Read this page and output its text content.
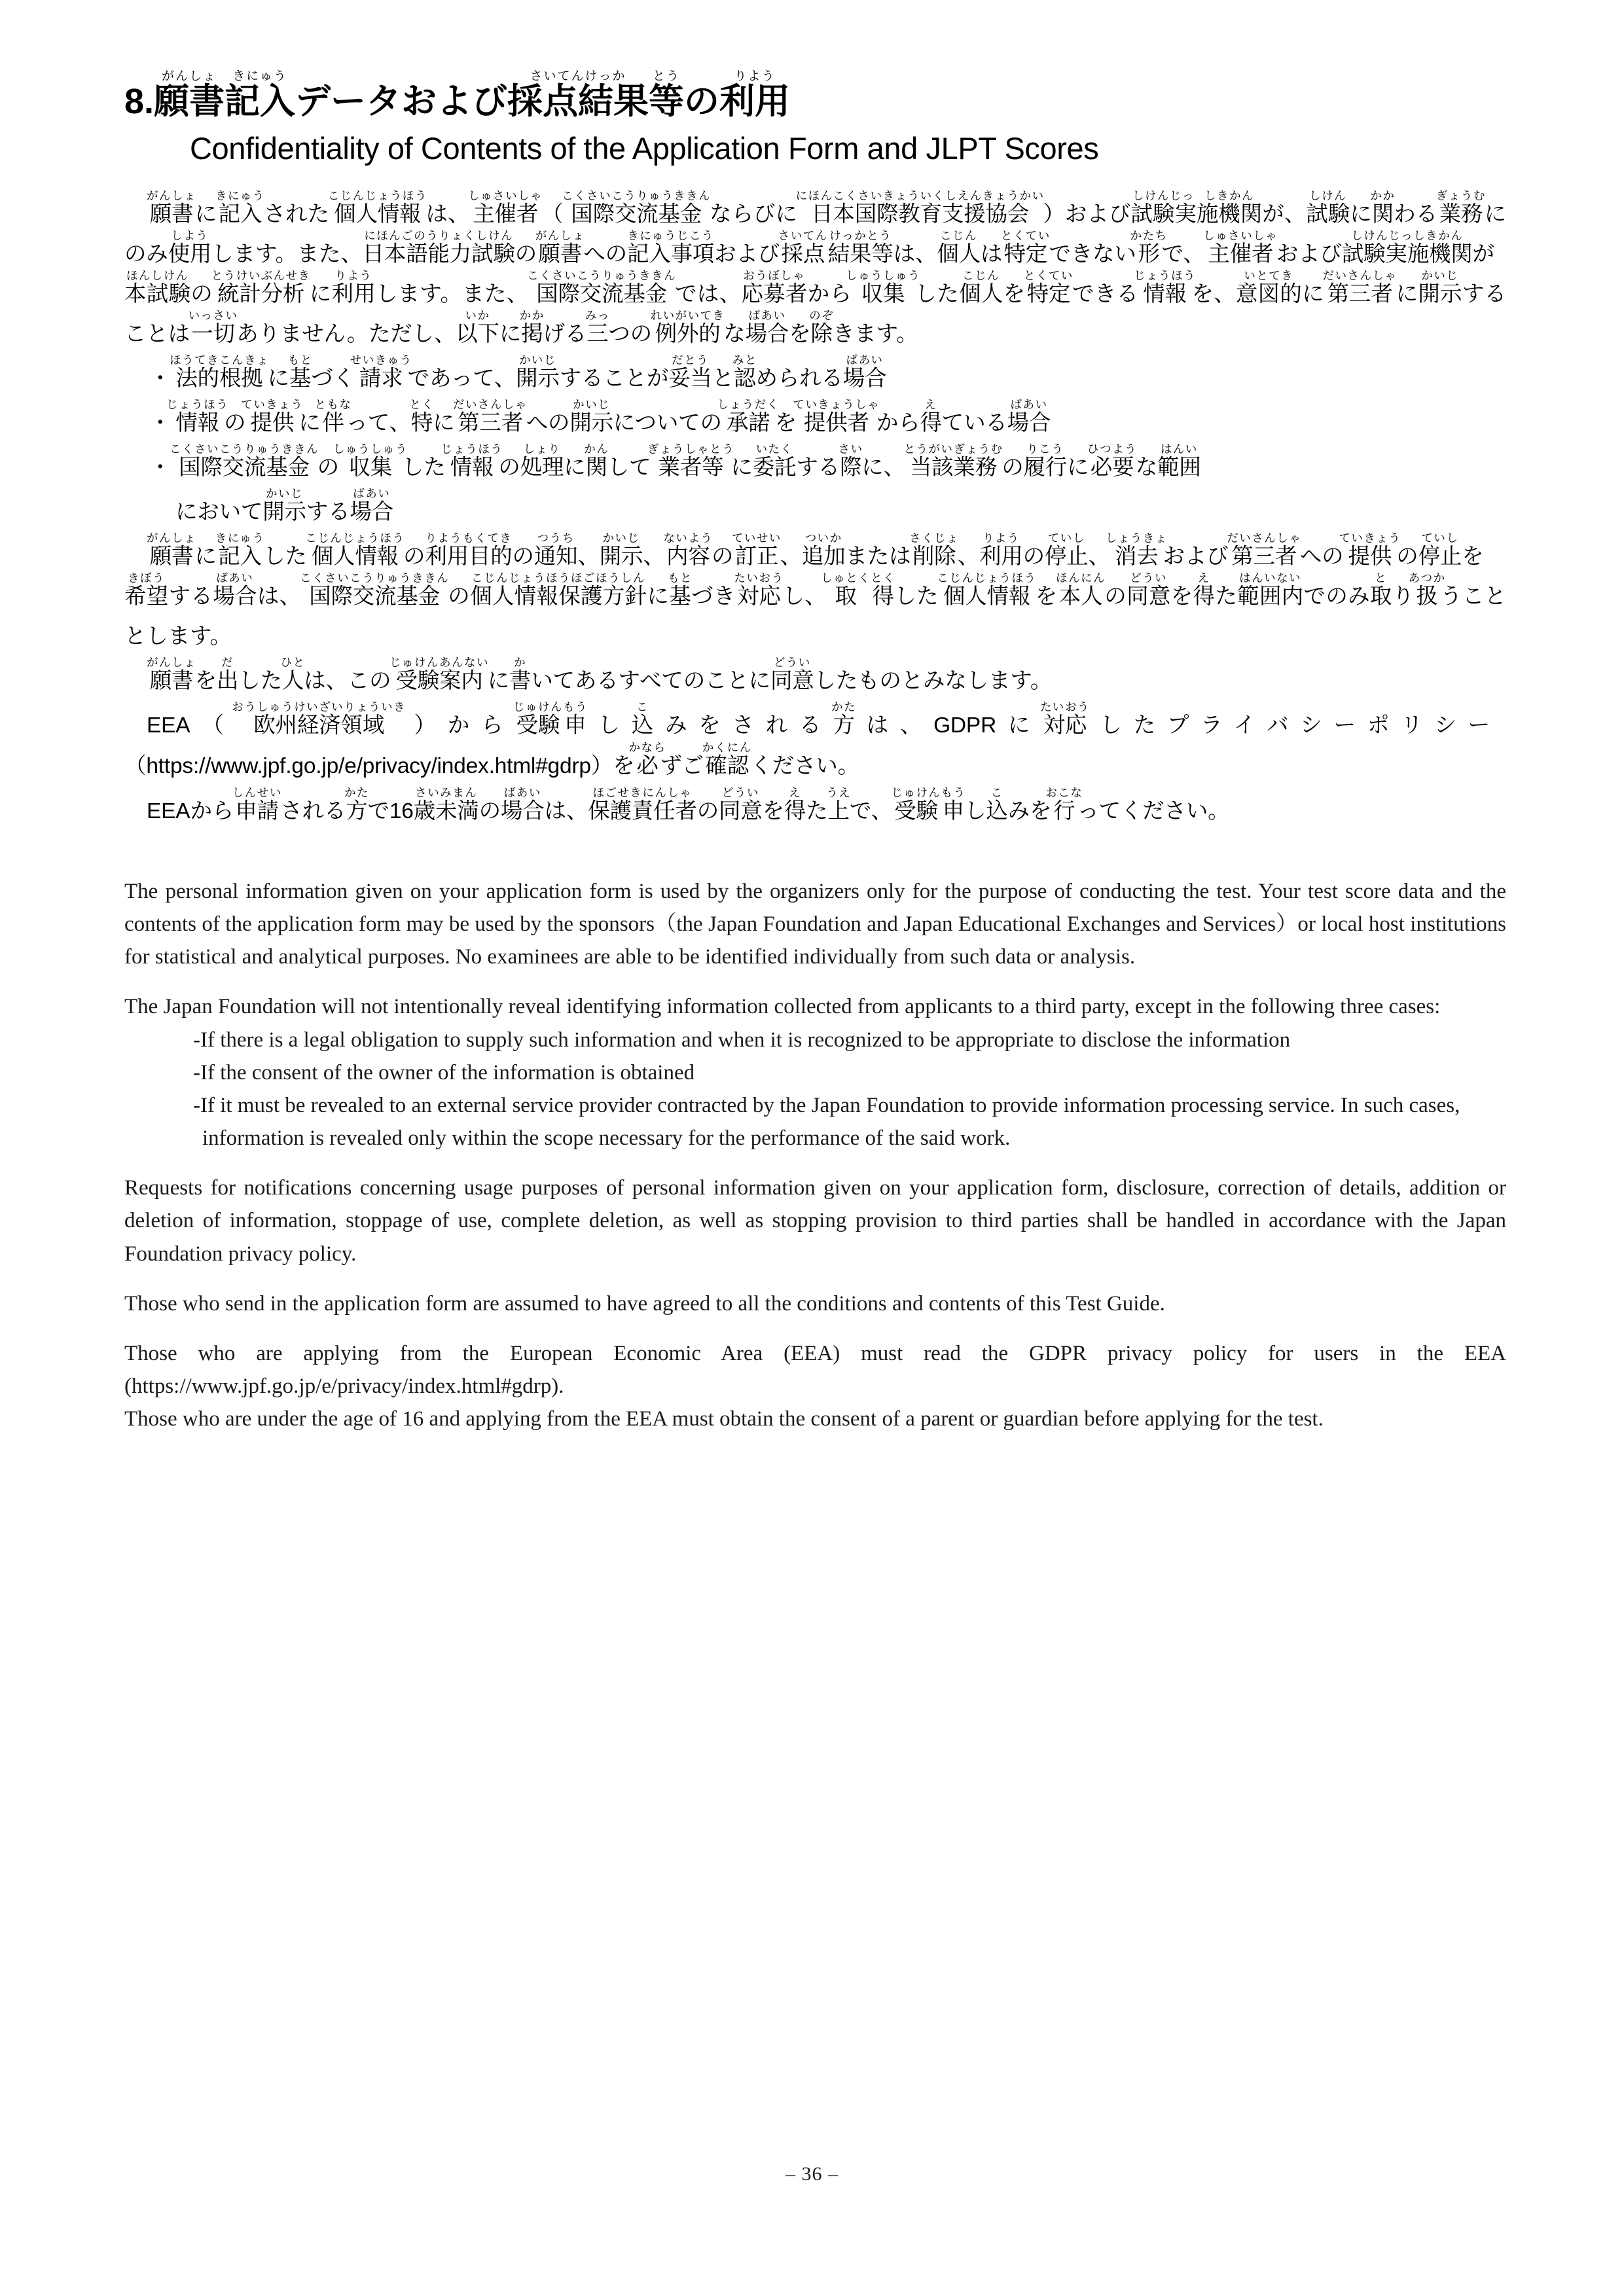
8.願書がんしょ記入きにゅうデータおよび採点結果さいてんけっか等とうの利用りよう
Confidentiality of Contents of the Application Form and JLPT Scores

願書がんしょに記入きにゅうされた個人情報こじんじょうほうは、主催者しゅさいしゃ（国際交流基金こくさいこうりゅうききんならびに日本国際教育支援協会にほんこくさいきょういくしえんきょうかい）および試験実しけんじっ施機関しきかんが、試験しけんに関かかわる業務ぎょうむにのみ使用しようします。また、日本語能力試験にほんごのうりょくしけんの願書がんしょへの記入事項きにゅうじこうおよび採点さいてん結果等けっかとうは、個人こじんは特定とくていできない形かたちで、主催者しゅさいしゃおよび試験実施機関しけんじっしきかんが本試験ほんしけんの統計分析とうけいぶんせきに利用りようします。また、国際交流基金こくさいこうりゅうききんでは、応募者おうぼしゃから収集しゅうしゅうした個人こじんを特定とくていできる情報じょうほうを、意図的いとてきに第三者だいさんしゃに開示かいじすることは一切いっさいありません。ただし、以下いかに掲かかげる三みっつの例外的れいがいてきな場合ばあいを除のぞきます。

・法的根拠ほうてきこんきょに基もとづく請求せいきゅうであって、開示かいじすることが妥当だとうと認みとめられる場合ばあい

・情報じょうほうの提供ていきょうに伴ともなって、特とくに第三者だいさんしゃへの開示かいじについての承諾しょうだくを提供者ていきょうしゃから得えている場合ばあい

・国際交流基金こくさいこうりゅうききんの収集しゅうしゅうした情報じょうほうの処理しょりに関かんして業者等ぎょうしゃとうに委託いたくする際さいに、当該業務とうがいぎょうむの履行りこうに必要ひつような範囲はんい

において開示かいじする場合ばあい

願書がんしょに記入きにゅうした個人情報こじんじょうほうの利用目的りようもくてきの通知つうち、開示かいじ、内容ないようの訂正ていせい、追加ついかまたは削除さくじょ、利用りようの停止ていし、消去しょうきょおよび第三者だいさんしゃへの提供ていきょうの停止ていしを希望きぼうする場合ばあいは、国際交流基金こくさいこうりゅうききんの個人情報保護方針こじんじょうほうほごほうしんに基もとづき対応たいおうし、取しゅとく得とくした個人情報こじんじょうほうを本人ほんにんの同意どういを得えた範囲内はんいないでのみ取とり扱あつかうこととします。

願書がんしょを出だした人ひとは、この受験案内じゅけんあんないに書かいてあるすべてのことに同意どういしたものとみなします。

EEA（欧州経済領域おうしゅうけいざいりょういき）から受験じゅけん申もうし込こみをされる方かたは、GDPRに対応たいおうしたプライバシーポリシー（https://www.jpf.go.jp/e/privacy/index.html#gdrp）を必かならずご確認かくにんください。

EEAから申請しんせいされる方かたで16歳未満さいみまんの場合ばあいは、保護責任者ほごせきにんしゃの同意どういを得えた上うえで、受験じゅけん申もうし込こみを行おこなってください。

The personal information given on your application form is used by the organizers only for the purpose of conducting the test. Your test score data and the contents of the application form may be used by the sponsors（the Japan Foundation and Japan Educational Exchanges and Services）or local host institutions for statistical and analytical purposes. No examinees are able to be identified individually from such data or analysis.

The Japan Foundation will not intentionally reveal identifying information collected from applicants to a third party, except in the following three cases:

-If there is a legal obligation to supply such information and when it is recognized to be appropriate to disclose the information

-If the consent of the owner of the information is obtained

-If it must be revealed to an external service provider contracted by the Japan Foundation to provide information processing service. In such cases, information is revealed only within the scope necessary for the performance of the said work.

Requests for notifications concerning usage purposes of personal information given on your application form, disclosure, correction of details, addition or deletion of information, stoppage of use, complete deletion, as well as stopping provision to third parties shall be handled in accordance with the Japan Foundation privacy policy.

Those who send in the application form are assumed to have agreed to all the conditions and contents of this Test Guide.

Those who are applying from the European Economic Area (EEA) must read the GDPR privacy policy for users in the EEA (https://www.jpf.go.jp/e/privacy/index.html#gdrp).

Those who are under the age of 16 and applying from the EEA must obtain the consent of a parent or guardian before applying for the test.

– 36 –
